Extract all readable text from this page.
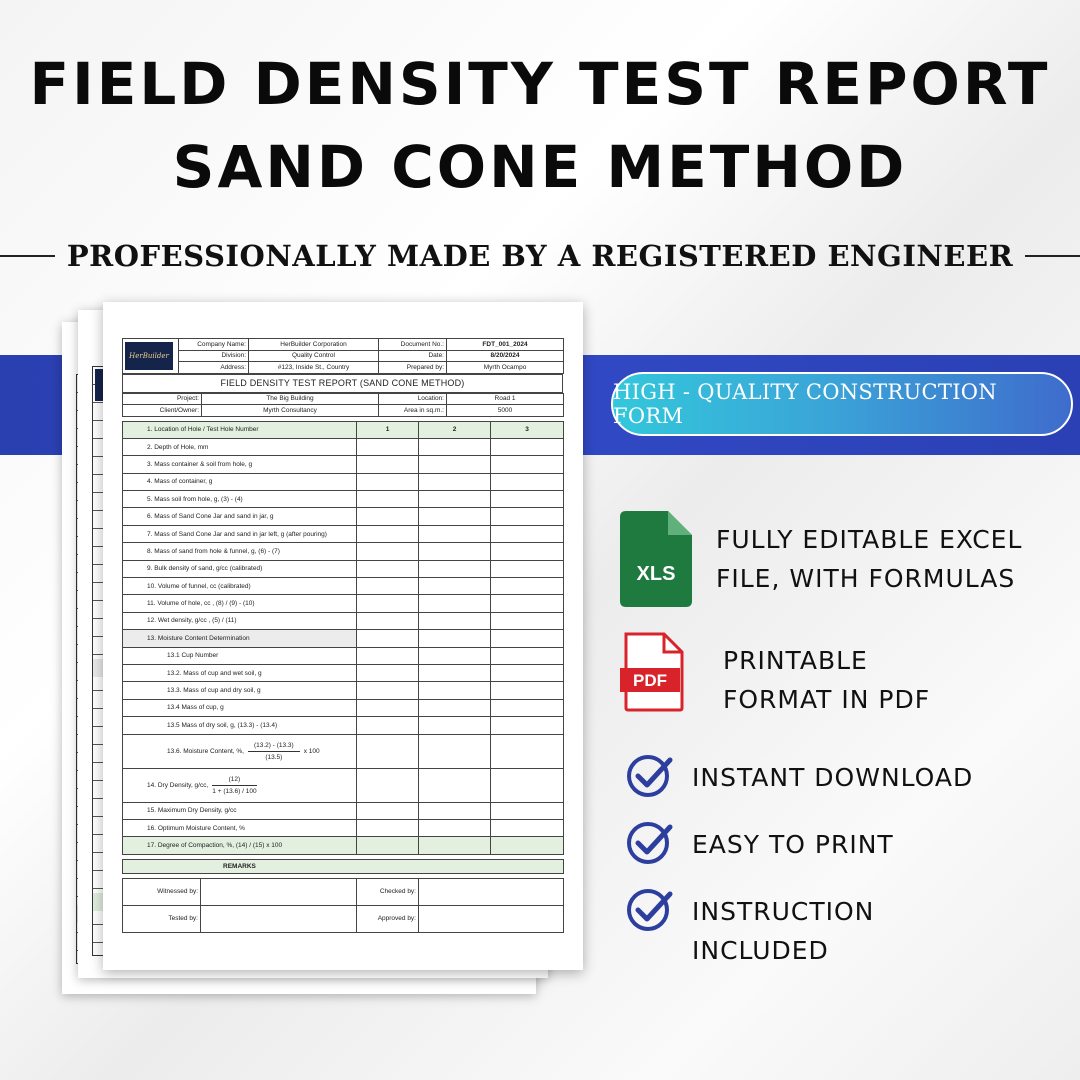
FIELD DENSITY TEST REPORT
SAND CONE METHOD
PROFESSIONALLY MADE BY A REGISTERED ENGINEER
HIGH - QUALITY CONSTRUCTION FORM
HerBuilder	Company Name:	HerBuilder Corporation	Document No.:	FDT_001_2024
	Division:	Quality Control	Date:	8/20/2024
	Address:	#123, Inside St., Country	Prepared by:	Myrth Ocampo
FIELD DENSITY TEST REPORT (SAND CONE METHOD)
Project:	The Big Building	Location:	Road 1
Client/Owner:	Myrth Consultancy	Area in sq.m.:	5000
1. Location of Hole / Test Hole Number	1	2	3
2. Depth of Hole, mm			
3. Mass container & soil from hole, g			
4. Mass of container, g			
5. Mass soil from hole, g, (3) - (4)			
6. Mass of Sand Cone Jar and sand in jar, g			
7. Mass of Sand Cone Jar and sand in jar left, g (after pouring)			
8. Mass of sand from hole & funnel, g, (6) - (7)			
9. Bulk density of sand, g/cc (calibrated)			
10. Volume of funnel, cc (calibrated)			
11. Volume of hole, cc , (8) / (9) - (10)			
12. Wet density, g/cc , (5) / (11)			
13. Moisture Content Determination			
13.1 Cup Number			
13.2. Mass of cup and wet soil, g			
13.3. Mass of cup and dry soil, g			
13.4 Mass of cup, g			
13.5 Mass of dry soil, g, (13.3) - (13.4)			
13.6. Moisture Content, %, $\frac{(13.2) - (13.3)}{(13.5)}$ x 100			
14. Dry Density, g/cc, $\frac{(12)}{1 + (13.6) / 100}$

15. Maximum Dry Density, g/cc			
16. Optimum Moisture Content, %			
17. Degree of Compaction, %, (14) / (15) x 100			
REMARKS
Witnessed by:		Checked by:	
Tested by:		Approved by:	
XLS
FULLY EDITABLE EXCEL
FILE, WITH FORMULAS
PDF
PRINTABLE
FORMAT IN PDF
INSTANT DOWNLOAD
EASY TO PRINT
INSTRUCTION
INCLUDED
